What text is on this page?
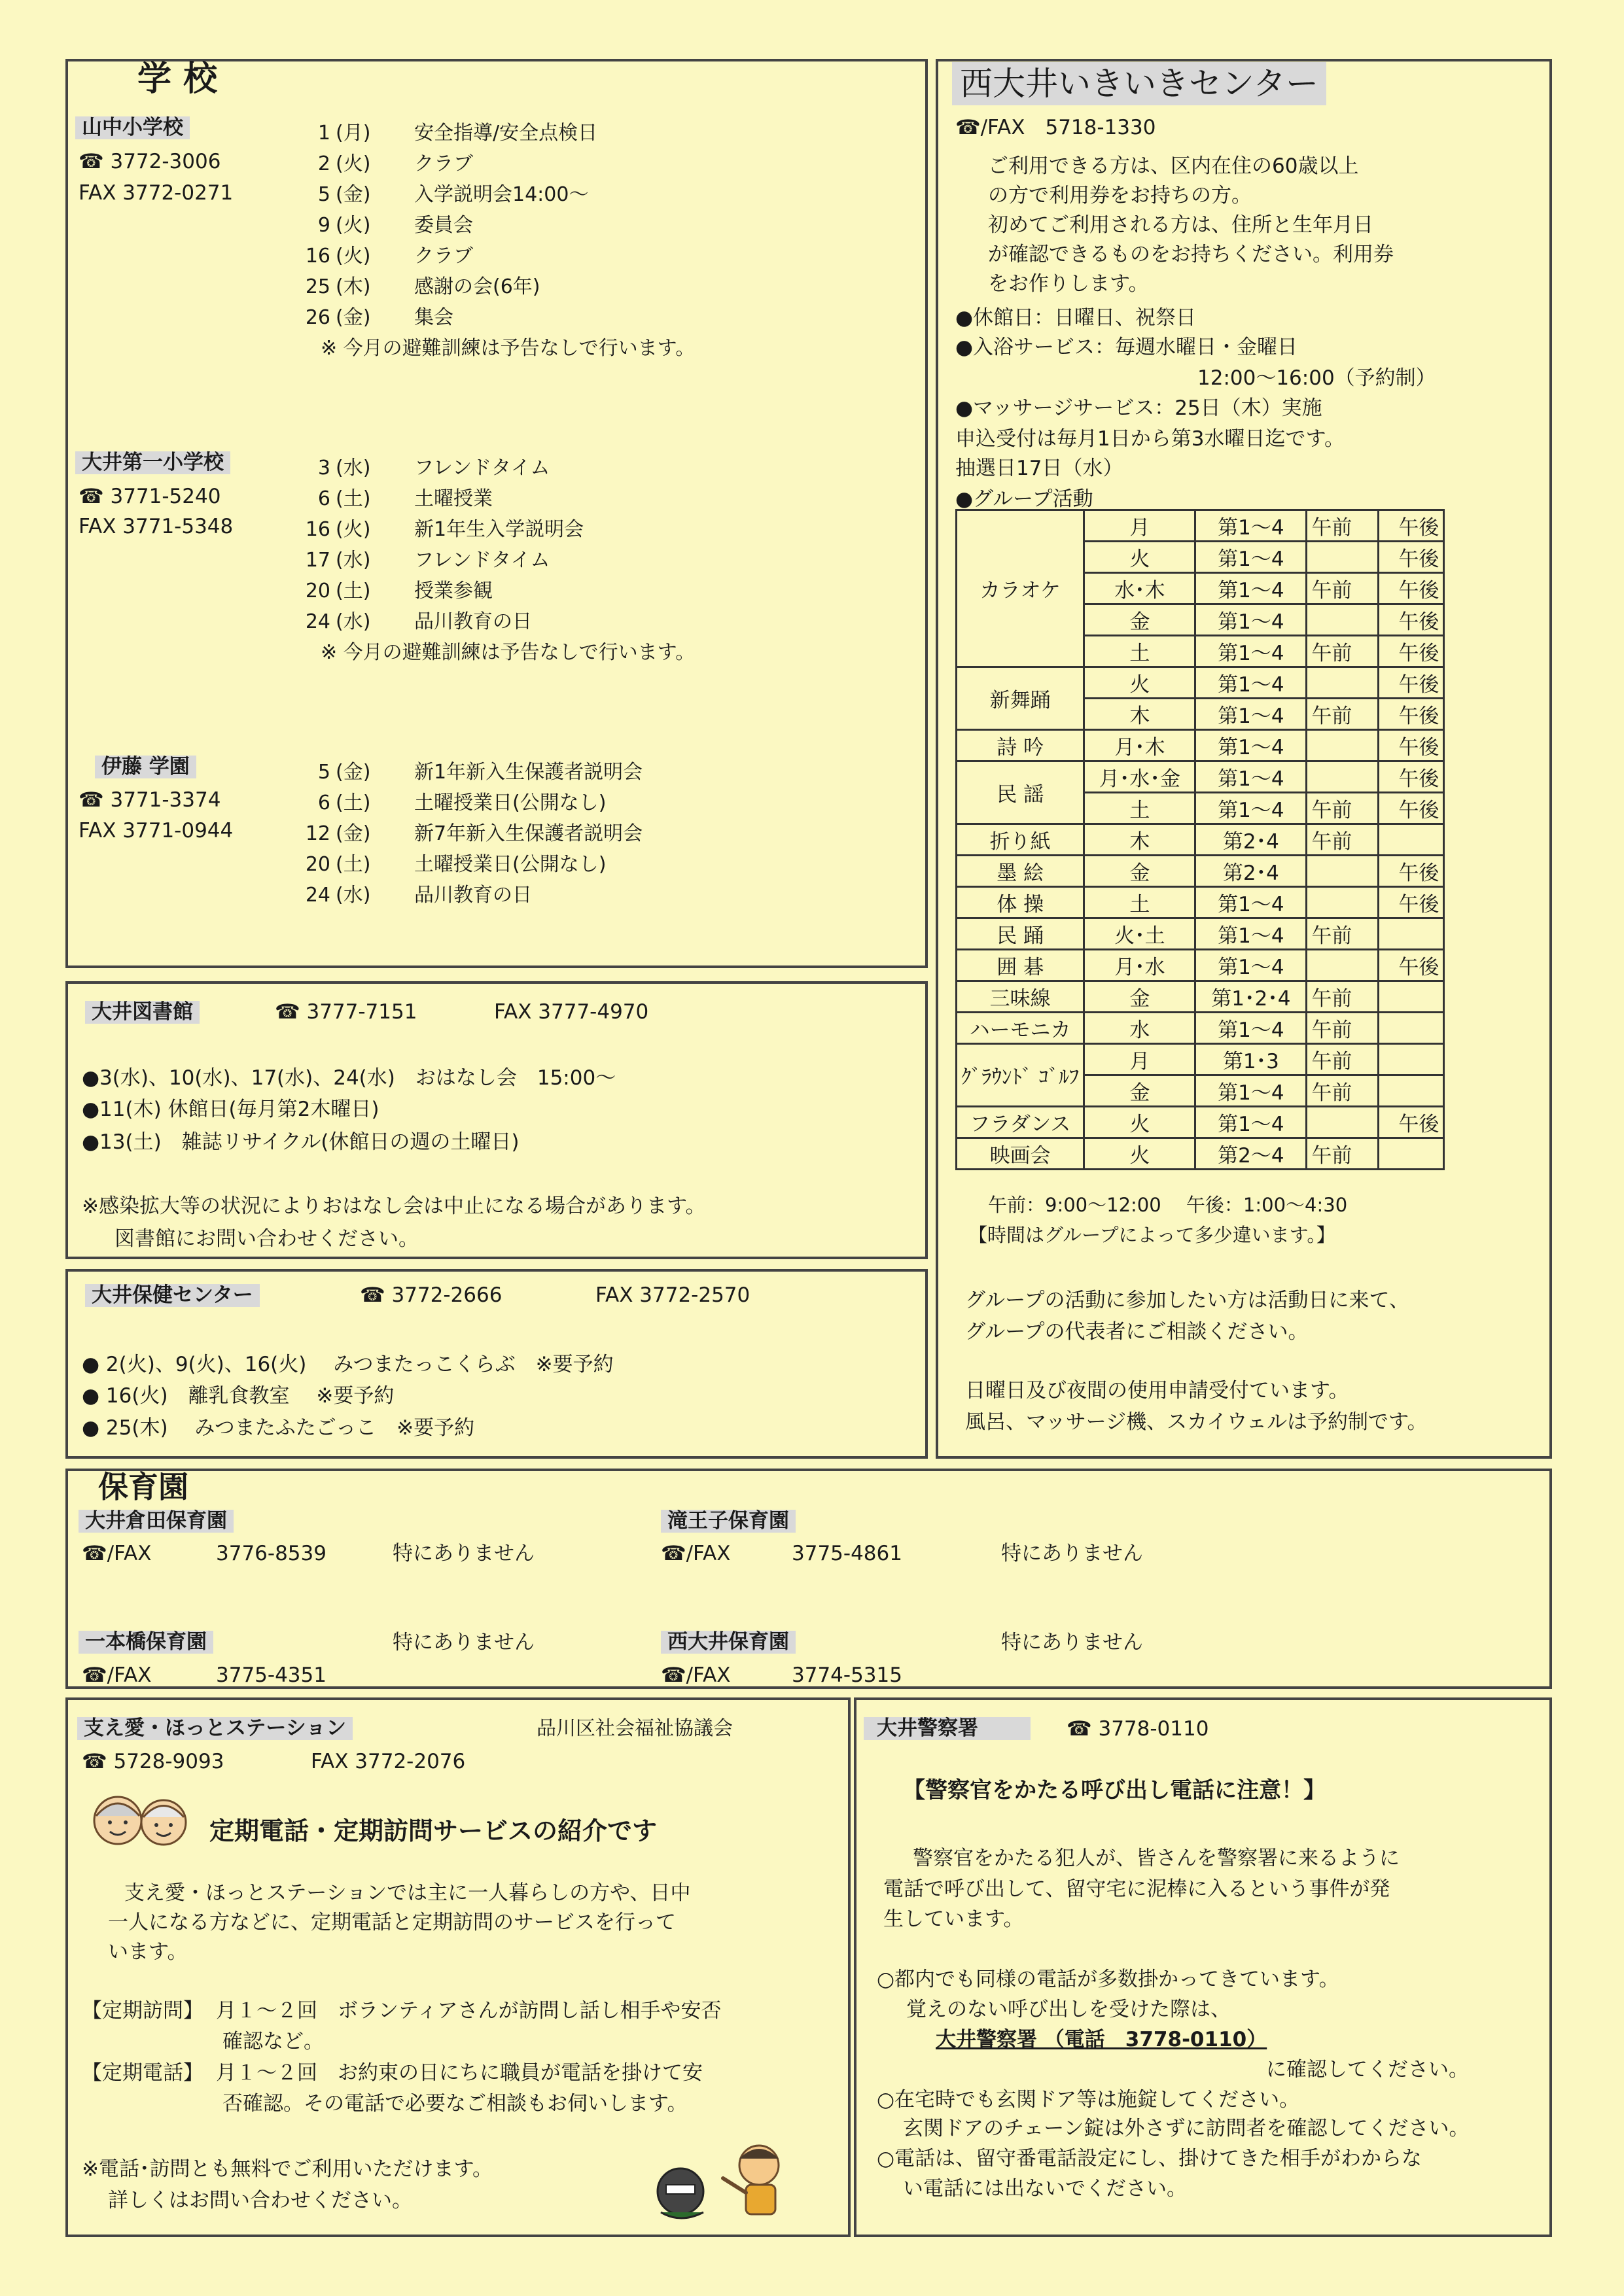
学 校
山中小学校
☎ 3772-3006
FAX 3772-0271
1 (月) 安全指導/安全点検日
2 (火) クラブ
5 (金) 入学説明会14:00～
9 (火) 委員会
16 (火) クラブ
25 (木) 感謝の会(6年)
26 (金) 集会
※ 今月の避難訓練は予告なしで行います。
大井第一小学校
☎ 3771-5240
FAX 3771-5348
3 (水) フレンドタイム
6 (土) 土曜授業
16 (火) 新1年生入学説明会
17 (水) フレンドタイム
20 (土) 授業参観
24 (水) 品川教育の日
※ 今月の避難訓練は予告なしで行います。
伊藤 学園
☎ 3771-3374
FAX 3771-0944
5 (金) 新1年新入生保護者説明会
6 (土) 土曜授業日(公開なし)
12 (金) 新7年新入生保護者説明会
20 (土) 土曜授業日(公開なし)
24 (水) 品川教育の日
大井図書館	☎ 3777-7151	FAX 3777-4970
●3(水)、10(水)、17(水)、24(水)　おはなし会　15:00～
●11(木) 休館日(毎月第2木曜日)
●13(土)　雑誌リサイクル(休館日の週の土曜日)
※感染拡大等の状況によりおはなし会は中止になる場合があります。
図書館にお問い合わせください。
大井保健センター	☎ 3772-2666	FAX 3772-2570
● 2(火)、9(火)、16(火)　 みつまたっこくらぶ　※要予約
● 16(火)　離乳食教室　 ※要予約
● 25(木)　 みつまたふたごっこ　※要予約
西大井いきいきセンター
☎/FAX　5718-1330
ご利用できる方は、区内在住の60歳以上
の方で利用券をお持ちの方。
初めてご利用される方は、住所と生年月日
が確認できるものをお持ちください。利用券
をお作りします。
●休館日：日曜日、祝祭日
●入浴サービス：毎週水曜日・金曜日
12:00～16:00（予約制）
●マッサージサービス：25日（木）実施
申込受付は毎月1日から第3水曜日迄です。
抽選日17日（水）
●グループ活動
カラオケ	月	第1～4	午前	午後
	火	第1～4		午後
	水･木	第1～4	午前	午後
	金	第1～4		午後
	土	第1～4	午前	午後
新舞踊	火	第1～4		午後
	木	第1～4	午前	午後
詩 吟	月･木	第1～4		午後
民 謡	月･水･金	第1～4		午後
	土	第1～4	午前	午後
折り紙	木	第2･4	午前	
墨 絵	金	第2･4		午後
体 操	土	第1～4		午後
民 踊	火･土	第1～4	午前	
囲 碁	月･水	第1～4		午後
三味線	金	第1･2･4	午前	
ハーモニカ	水	第1～4	午前	
ｸﾞﾗｳﾝﾄﾞ ｺﾞﾙﾌ	月	第1･3	午前	
	金	第1～4	午前	
フラダンス	火	第1～4		午後
映画会	火	第2～4	午前	
午前：9:00～12:00　 午後：1:00～4:30
【時間はグループによって多少違います。】
グループの活動に参加したい方は活動日に来て、
グループの代表者にご相談ください。
日曜日及び夜間の使用申請受付ています。
風呂、マッサージ機、スカイウェルは予約制です。
保育園
大井倉田保育園
☎/FAX	3776-8539	特にありません
滝王子保育園
☎/FAX	3775-4861	特にありません
一本橋保育園	特にありません
☎/FAX	3775-4351
西大井保育園	特にありません
☎/FAX	3774-5315
支え愛・ほっとステーション	品川区社会福祉協議会
☎ 5728-9093	FAX 3772-2076
定期電話・定期訪問サービスの紹介です
支え愛・ほっとステーションでは主に一人暮らしの方や、日中
一人になる方などに、定期電話と定期訪問のサービスを行って
います。
【定期訪問】 月１～２回　ボランティアさんが訪問し話し相手や安否
確認など。
【定期電話】 月１～２回　お約束の日にちに職員が電話を掛けて安
否確認。その電話で必要なご相談もお伺いします。
※電話･訪問とも無料でご利用いただけます。
詳しくはお問い合わせください。
大井警察署	☎ 3778-0110
【警察官をかたる呼び出し電話に注意！】
警察官をかたる犯人が、皆さんを警察署に来るように
電話で呼び出して、留守宅に泥棒に入るという事件が発
生しています。
○都内でも同様の電話が多数掛かってきています。
覚えのない呼び出しを受けた際は、
大井警察署 （電話　3778-0110）
に確認してください。
○在宅時でも玄関ドア等は施錠してください。
玄関ドアのチェーン錠は外さずに訪問者を確認してください。
○電話は、留守番電話設定にし、掛けてきた相手がわからな
い電話には出ないでください。
